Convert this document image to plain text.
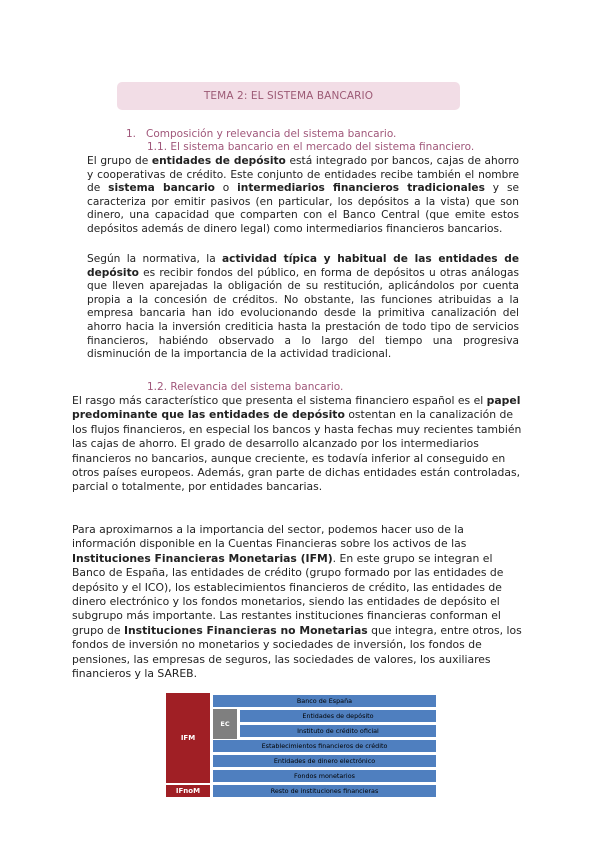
TEMA 2: EL SISTEMA BANCARIO
1. Composición y relevancia del sistema bancario.
1.1. El sistema bancario en el mercado del sistema financiero.

El grupo de entidades de depósito está integrado por bancos, cajas de ahorro y cooperativas de crédito. Este conjunto de entidades recibe también el nombre de sistema bancario o intermediarios financieros tradicionales y se caracteriza por emitir pasivos (en particular, los depósitos a la vista) que son dinero, una capacidad que comparten con el Banco Central (que emite estos depósitos además de dinero legal) como intermediarios financieros bancarios.

Según la normativa, la actividad típica y habitual de las entidades de depósito es recibir fondos del público, en forma de depósitos u otras análogas que lleven aparejadas la obligación de su restitución, aplicándolos por cuenta propia a la concesión de créditos. No obstante, las funciones atribuidas a la empresa bancaria han ido evolucionando desde la primitiva canalización del ahorro hacia la inversión crediticia hasta la prestación de todo tipo de servicios financieros, habiéndo observado a lo largo del tiempo una progresiva disminución de la importancia de la actividad tradicional.

1.2. Relevancia del sistema bancario.

El rasgo más característico que presenta el sistema financiero español es el papel predominante que las entidades de depósito ostentan en la canalización de los flujos financieros, en especial los bancos y hasta fechas muy recientes también las cajas de ahorro. El grado de desarrollo alcanzado por los intermediarios financieros no bancarios, aunque creciente, es todavía inferior al conseguido en otros países europeos. Además, gran parte de dichas entidades están controladas, parcial o totalmente, por entidades bancarias.

Para aproximarnos a la importancia del sector, podemos hacer uso de la información disponible en la Cuentas Financieras sobre los activos de las Instituciones Financieras Monetarias (IFM). En este grupo se integran el Banco de España, las entidades de crédito (grupo formado por las entidades de depósito y el ICO), los establecimientos financieros de crédito, las entidades de dinero electrónico y los fondos monetarios, siendo las entidades de depósito el subgrupo más importante. Las restantes instituciones financieras conforman el grupo de Instituciones Financieras no Monetarias que integra, entre otros, los fondos de inversión no monetarios y sociedades de inversión, los fondos de pensiones, las empresas de seguros, las sociedades de valores, los auxiliares financieros y la SAREB.

IFM
IFnoM
EC
Banco de España
Entidades de depósito
Instituto de crédito oficial
Establecimientos financieros de crédito
Entidades de dinero electrónico
Fondos monetarios
Resto de instituciones financieras
